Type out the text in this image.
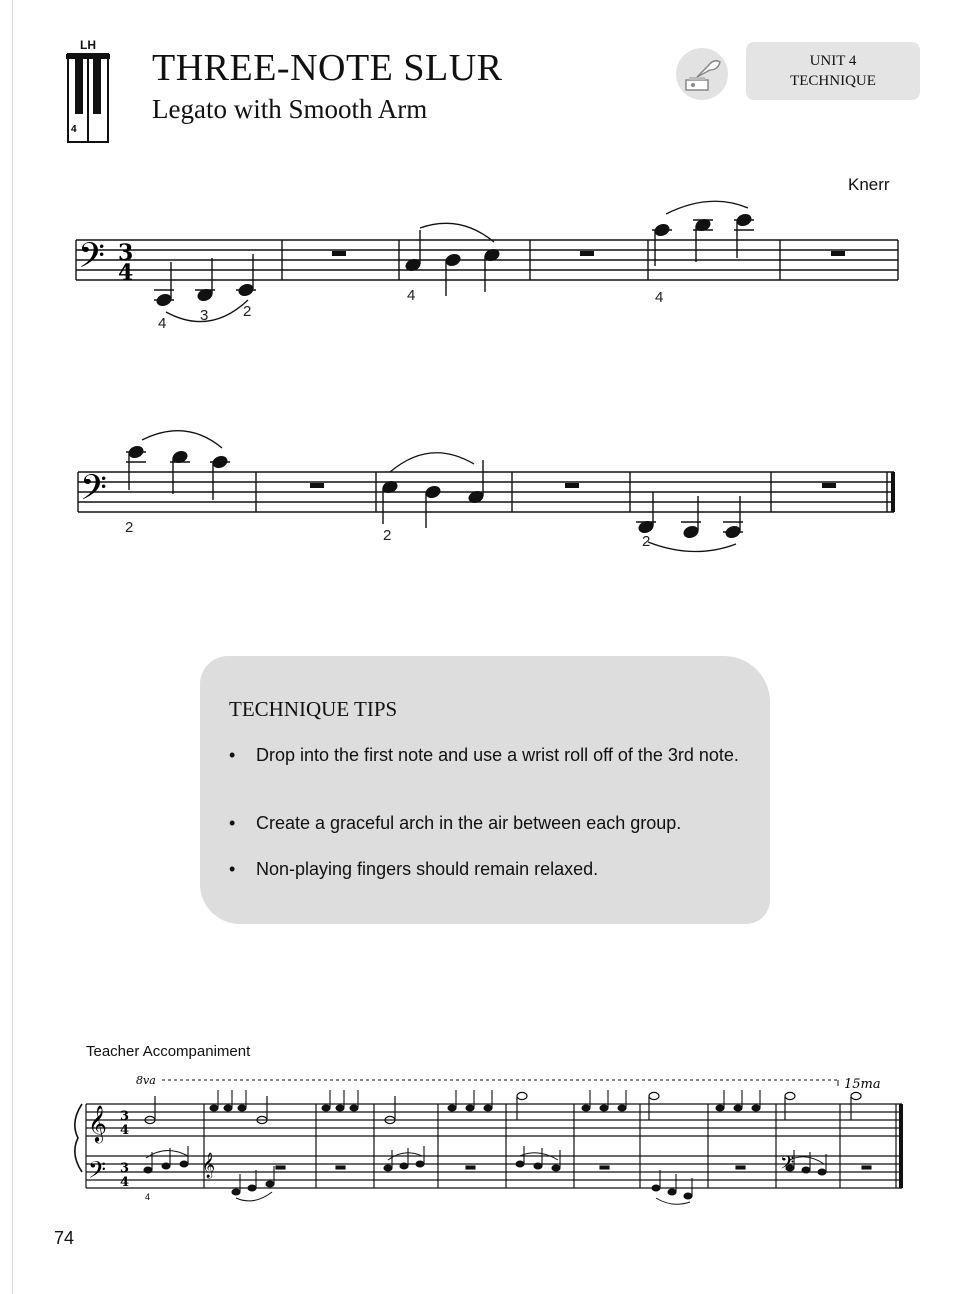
LH
4
THREE-NOTE SLUR
Legato with Smooth Arm
UNIT 4
TECHNIQUE
Knerr
𝄢 3
4
4 3 2
4	4
𝄢
2	2	2
TECHNIQUE TIPS
• Drop into the first note and use a wrist roll off of the 3rd note.
• Create a graceful arch in the air between each group.
• Non-playing fingers should remain relaxed.
Teacher Accompaniment
8va	15ma
𝄞
𝄢
3
4
3
4
𝄞	𝄢
4
74
